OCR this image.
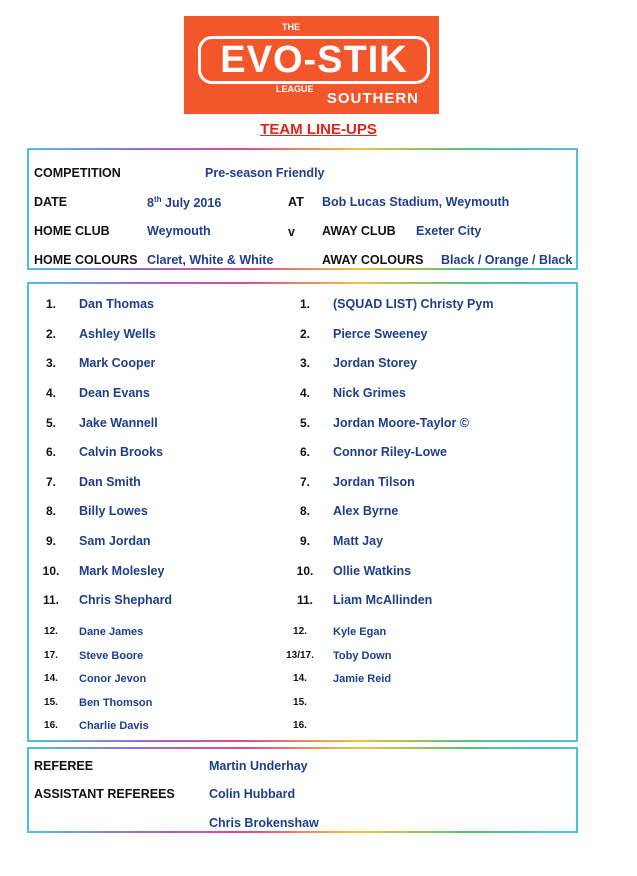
THE
EVO-STIK
LEAGUE
SOUTHERN
TEAM LINE-UPS
COMPETITION	Pre-season Friendly
DATE	8th July 2016	AT Bob Lucas Stadium, Weymouth
HOME CLUB	Weymouth	v AWAY CLUB Exeter City
HOME COLOURS Claret, White & White	AWAY COLOURS Black / Orange / Black
1.	Dan Thomas
2.	Ashley Wells
3.	Mark Cooper
4.	Dean Evans
5.	Jake Wannell
6.	Calvin Brooks
7.	Dan Smith
8.	Billy Lowes
9.	Sam Jordan
10.	Mark Molesley
11.	Chris Shephard
1.	(SQUAD LIST) Christy Pym
2.	Pierce Sweeney
3.	Jordan Storey
4.	Nick Grimes
5.	Jordan Moore-Taylor ©
6.	Connor Riley-Lowe
7.	Jordan Tilson
8.	Alex Byrne
9.	Matt Jay
10.	Ollie Watkins
11.	Liam McAllinden
12.	Dane James
17.	Steve Boore
14.	Conor Jevon
15.	Ben Thomson
16.	Charlie Davis
12.	Kyle Egan
13/17. Toby Down
14.	Jamie Reid
15.
16.
REFEREE	Martin Underhay
ASSISTANT REFEREES	Colin Hubbard
Chris Brokenshaw
